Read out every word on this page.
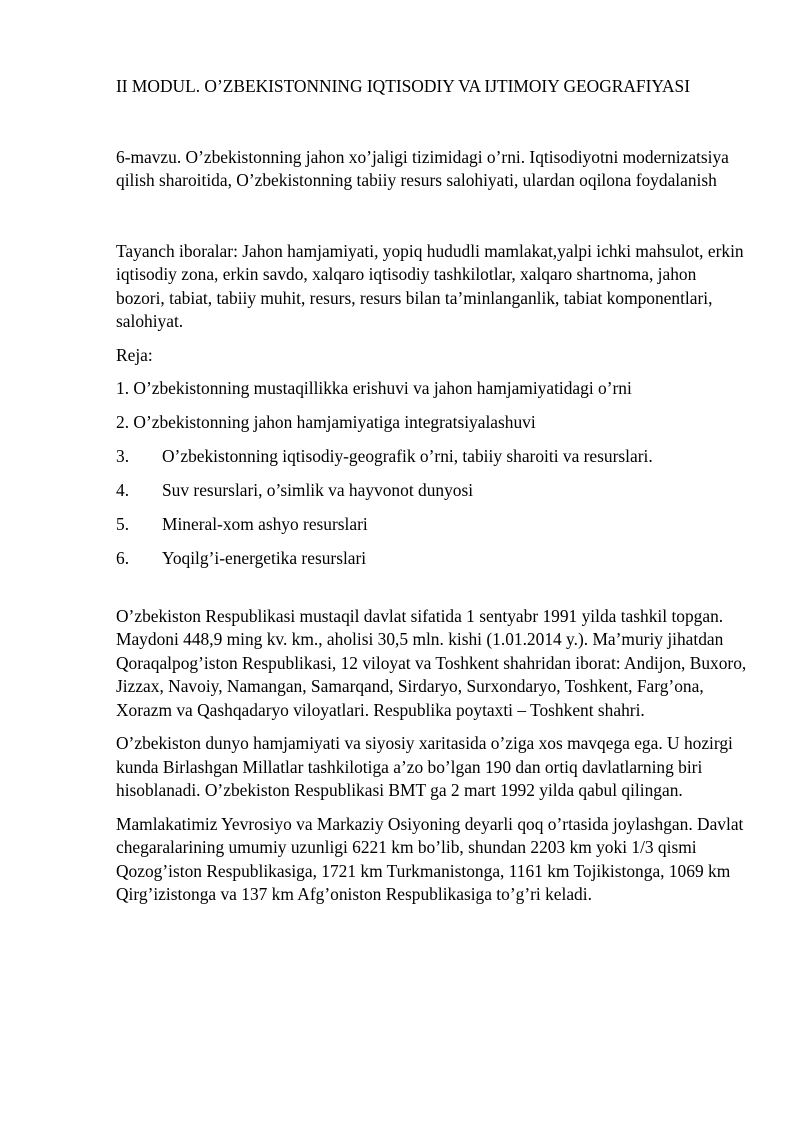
II MODUL. O’ZBEKISTONNING IQTISODIY VA IJTIMOIY GEOGRAFIYASI

6-mavzu. O’zbekistonning jahon xo’jaligi tizimidagi o’rni. Iqtisodiyotni modernizatsiya qilish sharoitida, O’zbekistonning tabiiy resurs salohiyati, ulardan oqilona foydalanish

Tayanch iboralar: Jahon hamjamiyati, yopiq hududli mamlakat,yalpi ichki mahsulot, erkin iqtisodiy zona, erkin savdo, xalqaro iqtisodiy tashkilotlar, xalqaro shartnoma, jahon bozori, tabiat, tabiiy muhit, resurs, resurs bilan ta’minlanganlik, tabiat komponentlari, salohiyat.

Reja:

1. O’zbekistonning mustaqillikka erishuvi va jahon hamjamiyatidagi o’rni

2. O’zbekistonning jahon hamjamiyatiga integratsiyalashuvi

3.	O’zbekistonning iqtisodiy-geografik o’rni, tabiiy sharoiti va resurslari.

4.	Suv resurslari, o’simlik va hayvonot dunyosi

5.	Mineral-xom ashyo resurslari

6.	Yoqilg’i-energetika resurslari

O’zbekiston Respublikasi mustaqil davlat sifatida 1 sentyabr 1991 yilda tashkil topgan. Maydoni 448,9 ming kv. km., aholisi 30,5 mln. kishi (1.01.2014 y.). Ma’muriy jihatdan Qoraqalpog’iston Respublikasi, 12 viloyat va Toshkent shahridan iborat: Andijon, Buxoro, Jizzax, Navoiy, Namangan, Samarqand, Sirdaryo, Surxondaryo, Toshkent, Farg’ona, Xorazm va Qashqadaryo viloyatlari. Respublika poytaxti – Toshkent shahri.

O’zbekiston dunyo hamjamiyati va siyosiy xaritasida o’ziga xos mavqega ega. U hozirgi kunda Birlashgan Millatlar tashkilotiga a’zo bo’lgan 190 dan ortiq davlatlarning biri hisoblanadi. O’zbekiston Respublikasi BMT ga 2 mart 1992 yilda qabul qilingan.

Mamlakatimiz Yevrosiyo va Markaziy Osiyoning deyarli qoq o’rtasida joylashgan. Davlat chegaralarining umumiy uzunligi 6221 km bo’lib, shundan 2203 km yoki 1/3 qismi Qozog’iston Respublikasiga, 1721 km Turkmanistonga, 1161 km Tojikistonga, 1069 km Qirg’izistonga va 137 km Afg’oniston Respublikasiga to’g’ri keladi.
